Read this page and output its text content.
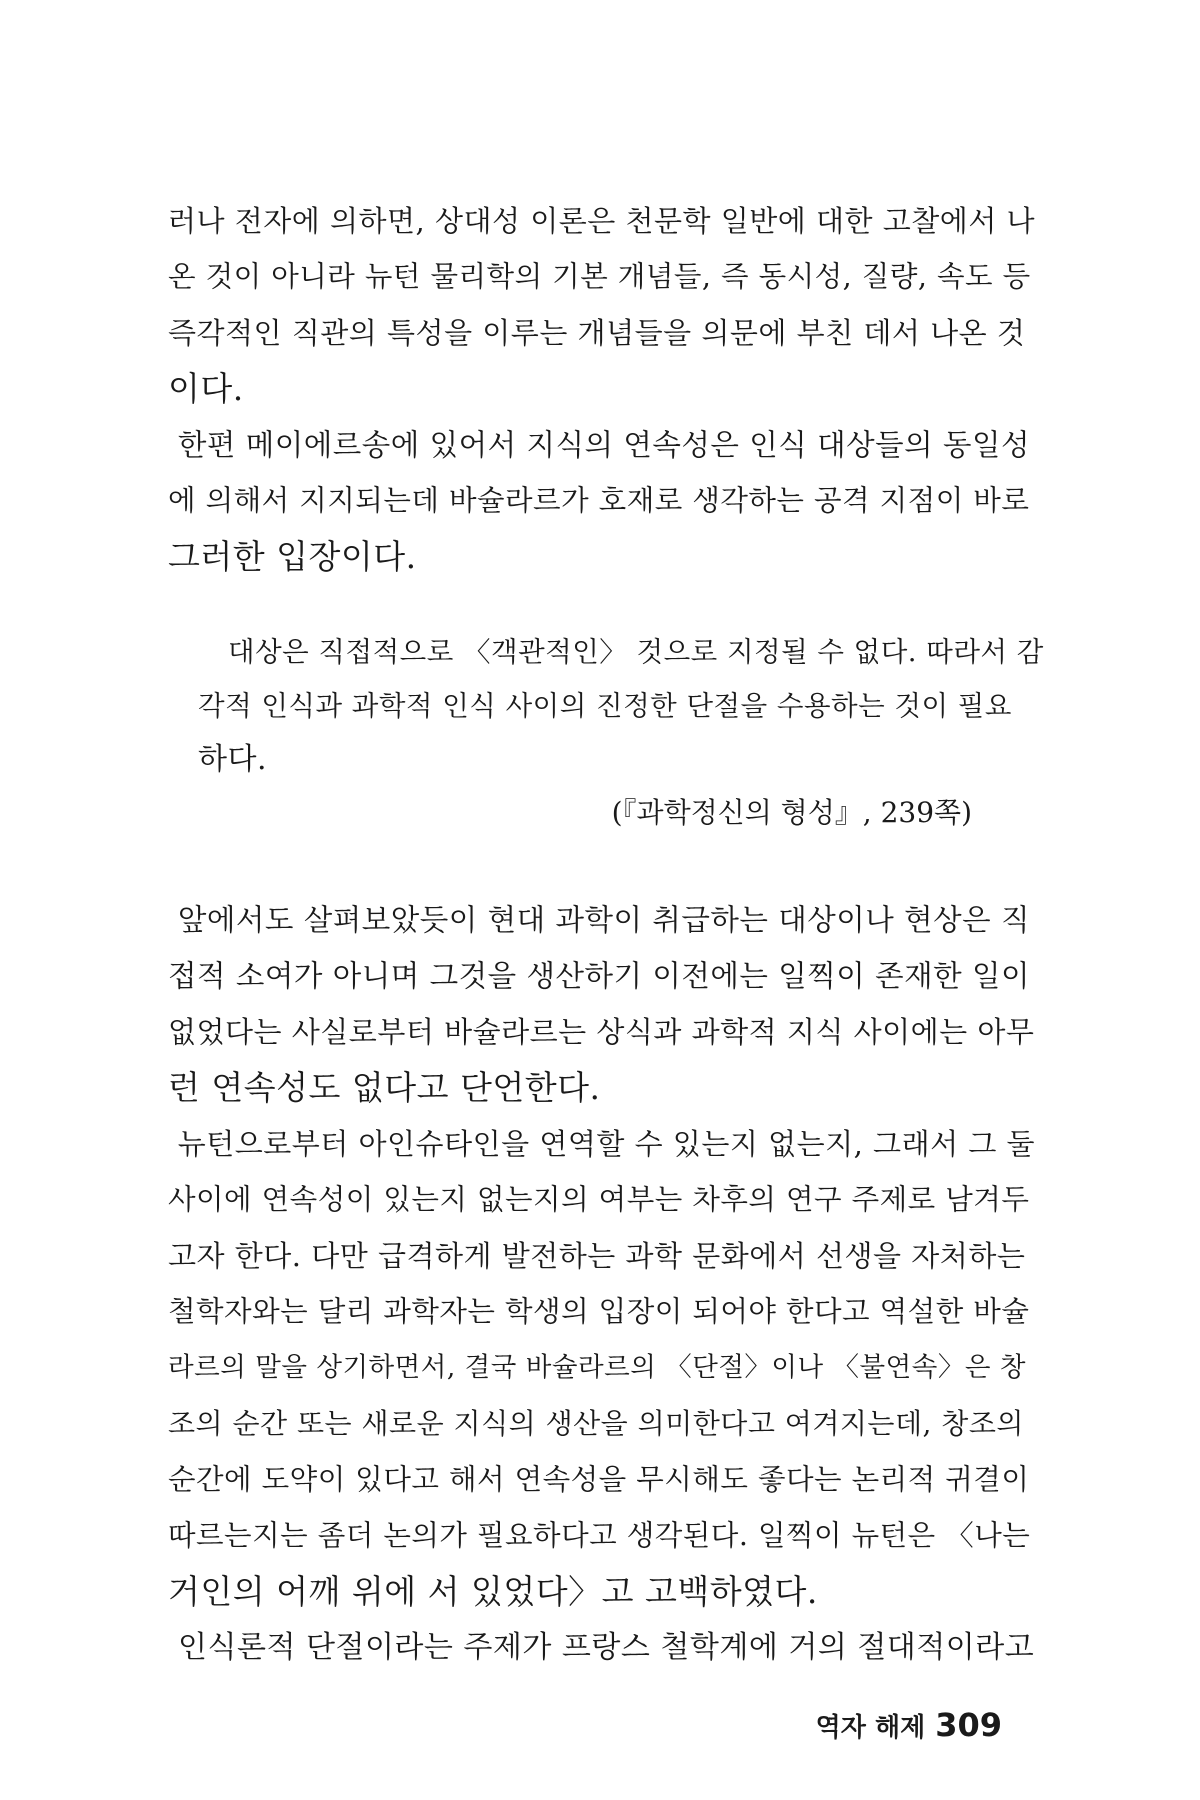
러나 전자에 의하면, 상대성 이론은 천문학 일반에 대한 고찰에서 나
온 것이 아니라 뉴턴 물리학의 기본 개념들, 즉 동시성, 질량, 속도 등
즉각적인 직관의 특성을 이루는 개념들을 의문에 부친 데서 나온 것
이다.
한편 메이에르송에 있어서 지식의 연속성은 인식 대상들의 동일성
에 의해서 지지되는데 바슐라르가 호재로 생각하는 공격 지점이 바로
그러한 입장이다.
대상은 직접적으로 〈객관적인〉 것으로 지정될 수 없다. 따라서 감
각적 인식과 과학적 인식 사이의 진정한 단절을 수용하는 것이 필요
하다.
(『과학정신의 형성』, 239쪽)
앞에서도 살펴보았듯이 현대 과학이 취급하는 대상이나 현상은 직
접적 소여가 아니며 그것을 생산하기 이전에는 일찍이 존재한 일이
없었다는 사실로부터 바슐라르는 상식과 과학적 지식 사이에는 아무
런 연속성도 없다고 단언한다.
뉴턴으로부터 아인슈타인을 연역할 수 있는지 없는지, 그래서 그 둘
사이에 연속성이 있는지 없는지의 여부는 차후의 연구 주제로 남겨두
고자 한다. 다만 급격하게 발전하는 과학 문화에서 선생을 자처하는
철학자와는 달리 과학자는 학생의 입장이 되어야 한다고 역설한 바슐
라르의 말을 상기하면서, 결국 바슐라르의 〈단절〉이나 〈불연속〉은 창
조의 순간 또는 새로운 지식의 생산을 의미한다고 여겨지는데, 창조의
순간에 도약이 있다고 해서 연속성을 무시해도 좋다는 논리적 귀결이
따르는지는 좀더 논의가 필요하다고 생각된다. 일찍이 뉴턴은 〈나는
거인의 어깨 위에 서 있었다〉고 고백하였다.
인식론적 단절이라는 주제가 프랑스 철학계에 거의 절대적이라고
역자 해제 309
